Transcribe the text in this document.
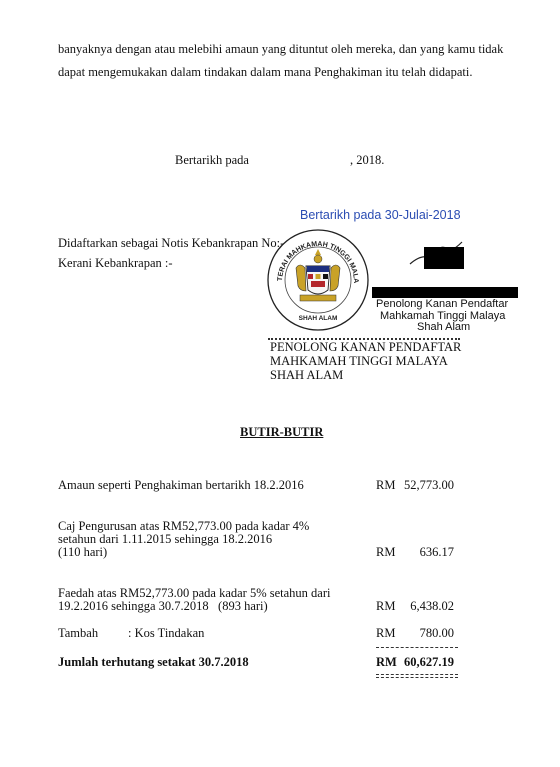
banyaknya dengan atau melebihi amaun yang dituntut oleh mereka, dan yang kamu tidak
dapat mengemukakan dalam tindakan dalam mana Penghakiman itu telah didapati.
Bertarikh pada	, 2018.
Bertarikh pada 30-Julai-2018
Didaftarkan sebagai Notis Kebankrapan No:-
Kerani Kebankrapan :-
TERAI MAHKAMAH TINGGI MALA
SHAH ALAM
Penolong Kanan Pendaftar
Mahkamah Tinggi Malaya
Shah Alam
PENOLONG KANAN PENDAFTAR
MAHKAMAH TINGGI MALAYA
SHAH ALAM
BUTIR-BUTIR
Amaun seperti Penghakiman bertarikh 18.2.2016	RM 52,773.00
Caj Pengurusan atas RM52,773.00 pada kadar 4%
setahun dari 1.11.2015 sehingga 18.2.2016
(110 hari)	RM	636.17
Faedah atas RM52,773.00 pada kadar 5% setahun dari
19.2.2016 sehingga 30.7.2018   (893 hari)	RM	6,438.02
Tambah : Kos Tindakan	RM	780.00
Jumlah terhutang setakat 30.7.2018	RM 60,627.19
